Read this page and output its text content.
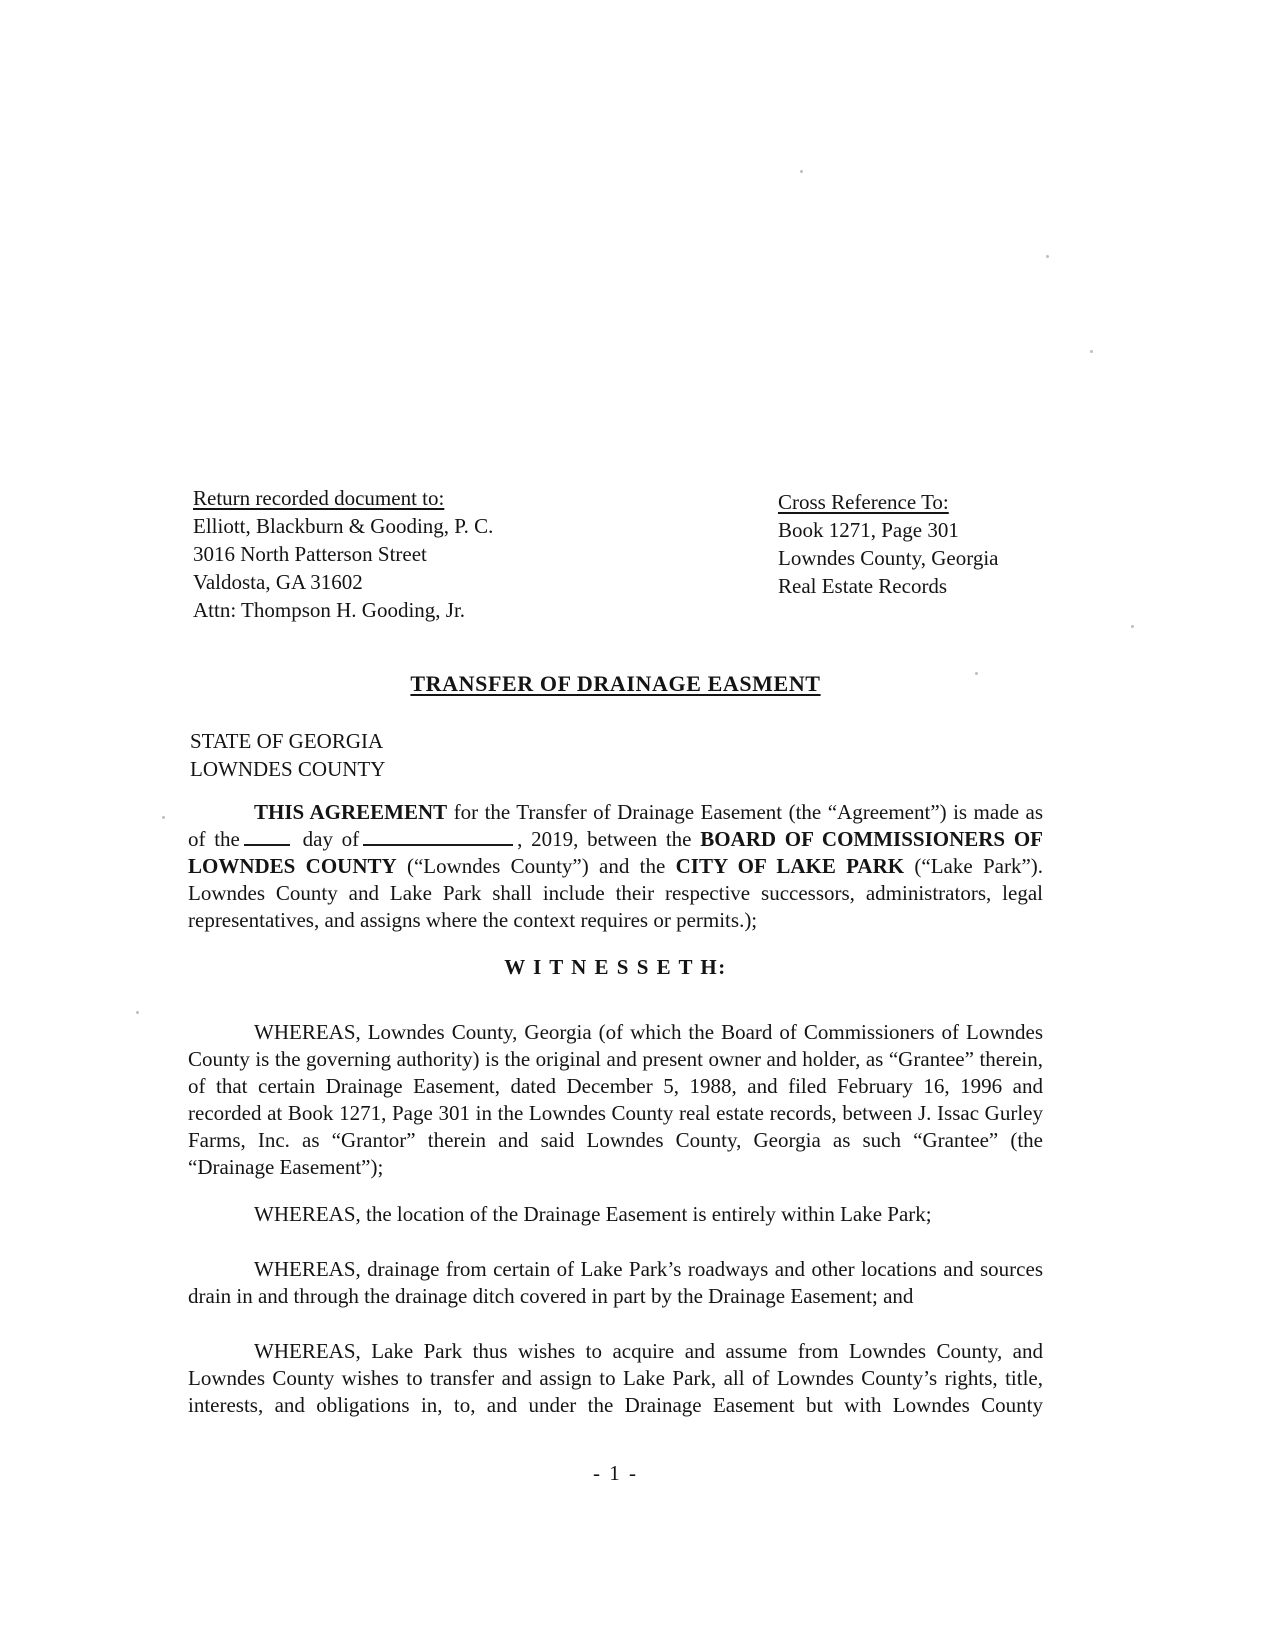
Return recorded document to:
Elliott, Blackburn & Gooding, P. C.
3016 North Patterson Street
Valdosta, GA 31602
Attn: Thompson H. Gooding, Jr.
Cross Reference To:
Book 1271, Page 301
Lowndes County, Georgia
Real Estate Records
TRANSFER OF DRAINAGE EASMENT
STATE OF GEORGIA
LOWNDES COUNTY

THIS AGREEMENT for the Transfer of Drainage Easement (the “Agreement”) is made as of the	day of	, 2019, between the BOARD OF COMMISSIONERS OF LOWNDES COUNTY (“Lowndes County”) and the CITY OF LAKE PARK (“Lake Park”). Lowndes County and Lake Park shall include their respective successors, administrators, legal representatives, and assigns where the context requires or permits.);

W I T N E S S E T H:

WHEREAS, Lowndes County, Georgia (of which the Board of Commissioners of Lowndes County is the governing authority) is the original and present owner and holder, as “Grantee” therein, of that certain Drainage Easement, dated December 5, 1988, and filed February 16, 1996 and recorded at Book 1271, Page 301 in the Lowndes County real estate records, between J. Issac Gurley Farms, Inc. as “Grantor” therein and said Lowndes County, Georgia as such “Grantee” (the “Drainage Easement”);

WHEREAS, the location of the Drainage Easement is entirely within Lake Park;

WHEREAS, drainage from certain of Lake Park’s roadways and other locations and sources drain in and through the drainage ditch covered in part by the Drainage Easement; and

WHEREAS, Lake Park thus wishes to acquire and assume from Lowndes County, and Lowndes County wishes to transfer and assign to Lake Park, all of Lowndes County’s rights, title, interests, and obligations in, to, and under the Drainage Easement but with Lowndes County

- 1 -
